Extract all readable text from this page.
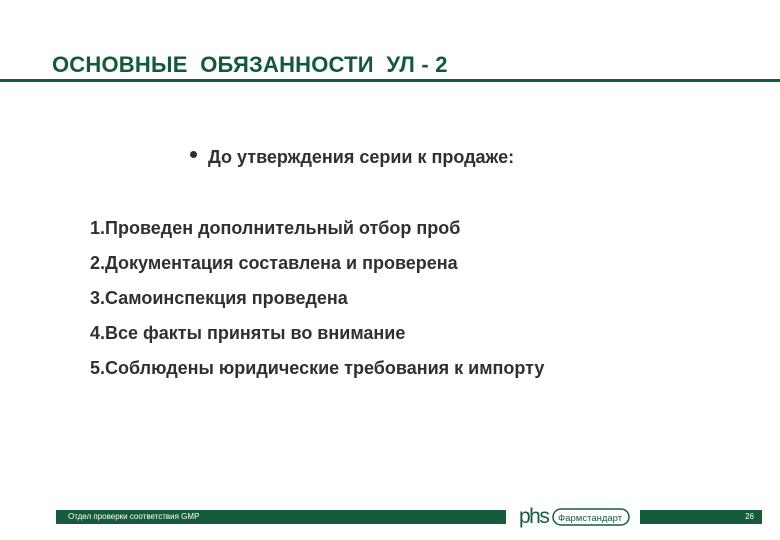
ОСНОВНЫЕ  ОБЯЗАННОСТИ  УЛ - 2
До утверждения серии к продаже:
1.Проведен дополнительный отбор проб
2.Документация составлена и проверена
3.Самоинспекция проведена
4.Все факты приняты во внимание
5.Соблюдены юридические требования к импорту
Отдел проверки соответствия GMP	phs Фармстандарт	26
